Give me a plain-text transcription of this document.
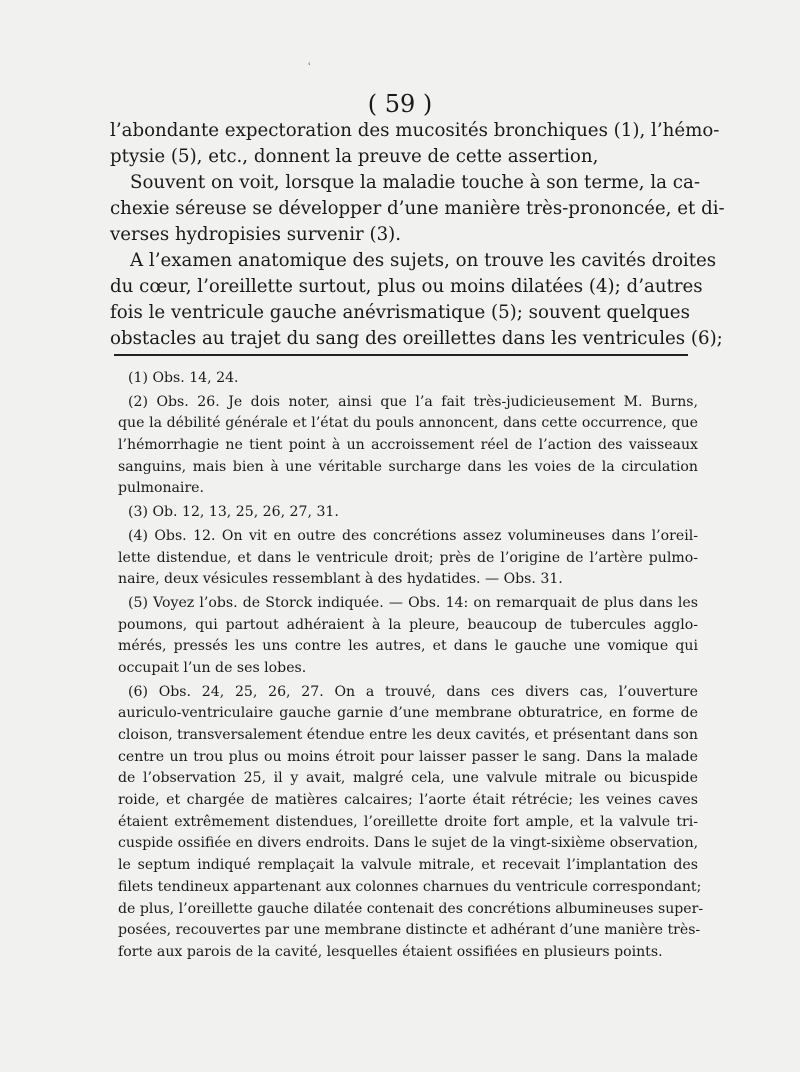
ʿ
( 59 )
l’abondante expectoration des mucosités bronchiques (1), l’hémo-
ptysie (5), etc., donnent la preuve de cette assertion,
Souvent on voit, lorsque la maladie touche à son terme, la ca-
chexie séreuse se développer d’une manière très-prononcée, et di-
verses hydropisies survenir (3).
A l’examen anatomique des sujets, on trouve les cavités droites
du cœur, l’oreillette surtout, plus ou moins dilatées (4); d’autres
fois le ventricule gauche anévrismatique (5); souvent quelques
obstacles au trajet du sang des oreillettes dans les ventricules (6);
(1) Obs. 14, 24.
(2) Obs. 26. Je dois noter, ainsi que l’a fait très-judicieusement M. Burns,
que la débilité générale et l’état du pouls annoncent, dans cette occurrence, que
l’hémorrhagie ne tient point à un accroissement réel de l’action des vaisseaux
sanguins, mais bien à une véritable surcharge dans les voies de la circulation
pulmonaire.
(3) Ob. 12, 13, 25, 26, 27, 31.
(4) Obs. 12. On vit en outre des concrétions assez volumineuses dans l’oreil-
lette distendue, et dans le ventricule droit; près de l’origine de l’artère pulmo-
naire, deux vésicules ressemblant à des hydatides. — Obs. 31.
(5) Voyez l’obs. de Storck indiquée. — Obs. 14: on remarquait de plus dans les
poumons, qui partout adhéraient à la pleure, beaucoup de tubercules agglo-
mérés, pressés les uns contre les autres, et dans le gauche une vomique qui
occupait l’un de ses lobes.
(6) Obs. 24, 25, 26, 27. On a trouvé, dans ces divers cas, l’ouverture
auriculo-ventriculaire gauche garnie d’une membrane obturatrice, en forme de
cloison, transversalement étendue entre les deux cavités, et présentant dans son
centre un trou plus ou moins étroit pour laisser passer le sang. Dans la malade
de l’observation 25, il y avait, malgré cela, une valvule mitrale ou bicuspide
roide, et chargée de matières calcaires; l’aorte était rétrécie; les veines caves
étaient extrêmement distendues, l’oreillette droite fort ample, et la valvule tri-
cuspide ossifiée en divers endroits. Dans le sujet de la vingt-sixième observation,
le septum indiqué remplaçait la valvule mitrale, et recevait l’implantation des
filets tendineux appartenant aux colonnes charnues du ventricule correspondant;
de plus, l’oreillette gauche dilatée contenait des concrétions albumineuses super-
posées, recouvertes par une membrane distincte et adhérant d’une manière très-
forte aux parois de la cavité, lesquelles étaient ossifiées en plusieurs points.
